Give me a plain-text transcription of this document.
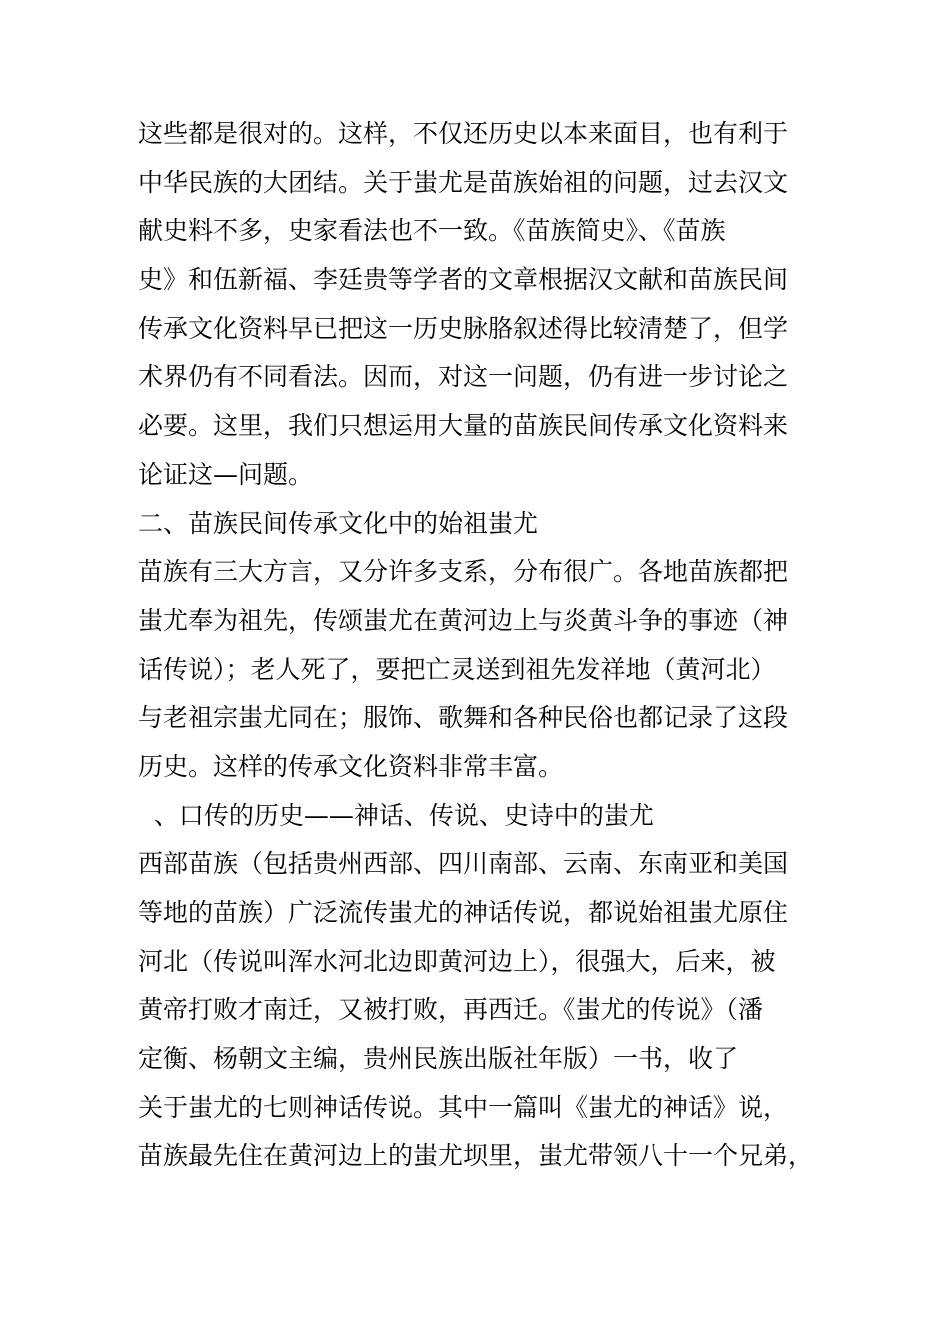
这些都是很对的。这样，不仅还历史以本来面目，也有利于
中华民族的大团结。关于蚩尤是苗族始祖的问题，过去汉文
献史料不多，史家看法也不一致。《苗族简史》、《苗族
史》和伍新福、李廷贵等学者的文章根据汉文献和苗族民间
传承文化资料早已把这一历史脉胳叙述得比较清楚了，但学
术界仍有不同看法。因而，对这一问题，仍有进一步讨论之
必要。这里，我们只想运用大量的苗族民间传承文化资料来
论证这—问题。
二、苗族民间传承文化中的始祖蚩尤
苗族有三大方言，又分许多支系，分布很广。各地苗族都把
蚩尤奉为祖先，传颂蚩尤在黄河边上与炎黄斗争的事迹（神
话传说）；老人死了，要把亡灵送到祖先发祥地（黄河北）
与老祖宗蚩尤同在；服饰、歌舞和各种民俗也都记录了这段
历史。这样的传承文化资料非常丰富。
、口传的历史——神话、传说、史诗中的蚩尤
西部苗族（包括贵州西部、四川南部、云南、东南亚和美国
等地的苗族）广泛流传蚩尤的神话传说，都说始祖蚩尤原住
河北（传说叫浑水河北边即黄河边上），很强大，后来，被
黄帝打败才南迁，又被打败，再西迁。《蚩尤的传说》（潘
定衡、杨朝文主编，贵州民族出版社年版）一书，收了
关于蚩尤的七则神话传说。其中一篇叫《蚩尤的神话》说，
苗族最先住在黄河边上的蚩尤坝里，蚩尤带领八十一个兄弟，
